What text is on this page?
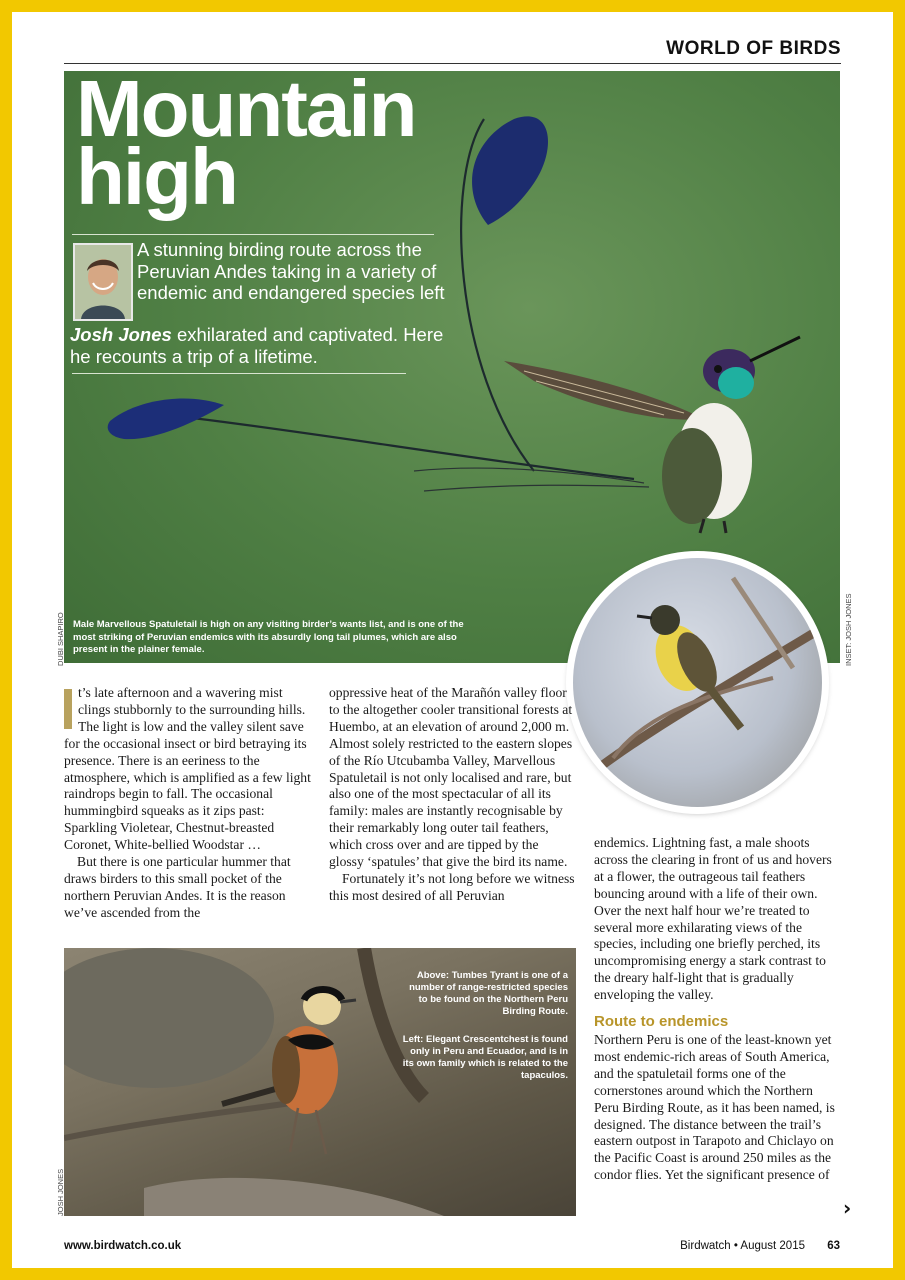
WORLD OF BIRDS
Mountain
high

A stunning birding route across the Peruvian Andes taking in a variety of endemic and endangered species left

Josh Jones exhilarated and captivated. Here he recounts a trip of a lifetime.

Male Marvellous Spatuletail is high on any visiting birder’s wants list, and is one of the most striking of Peruvian endemics with its absurdly long tail plumes, which are also present in the plainer female.

DUBI SHAPIRO	INSET: JOSH JONES

t’s late afternoon and a wavering mist clings stubbornly to the surrounding hills. The light is low and the valley silent save for the occasional insect or bird betraying its presence. There is an eeriness to the atmosphere, which is amplified as a few light raindrops begin to fall. The occasional hummingbird squeaks as it zips past: Sparkling Violetear, Chestnut-breasted Coronet, White-bellied Woodstar …

But there is one particular hummer that draws birders to this small pocket of the northern Peruvian Andes. It is the reason we’ve ascended from the

oppressive heat of the Marañón valley floor to the altogether cooler transitional forests at Huembo, at an elevation of around 2,000 m. Almost solely restricted to the eastern slopes of the Río Utcubamba Valley, Marvellous Spatuletail is not only localised and rare, but also one of the most spectacular of all its family: males are instantly recognisable by their remarkably long outer tail feathers, which cross over and are tipped by the glossy ‘spatules’ that give the bird its name.

Fortunately it’s not long before we witness this most desired of all Peruvian

endemics. Lightning fast, a male shoots across the clearing in front of us and hovers at a flower, the outrageous tail feathers bouncing around with a life of their own. Over the next half hour we’re treated to several more exhilarating views of the species, including one briefly perched, its uncompromising energy a stark contrast to the dreary half-light that is gradually enveloping the valley.

Route to endemics

Northern Peru is one of the least-known yet most endemic-rich areas of South America, and the spatuletail forms one of the cornerstones around which the Northern Peru Birding Route, as it has been named, is designed. The distance between the trail’s eastern outpost in Tarapoto and Chiclayo on the Pacific Coast is around 250 miles as the condor flies. Yet the significant presence of

Above: Tumbes Tyrant is one of a number of range-restricted species to be found on the Northern Peru Birding Route.

Left: Elegant Crescentchest is found only in Peru and Ecuador, and is in its own family which is related to the tapaculos.

JOSH JONES	›
www.birdwatch.co.uk	Birdwatch • August 2015 63
